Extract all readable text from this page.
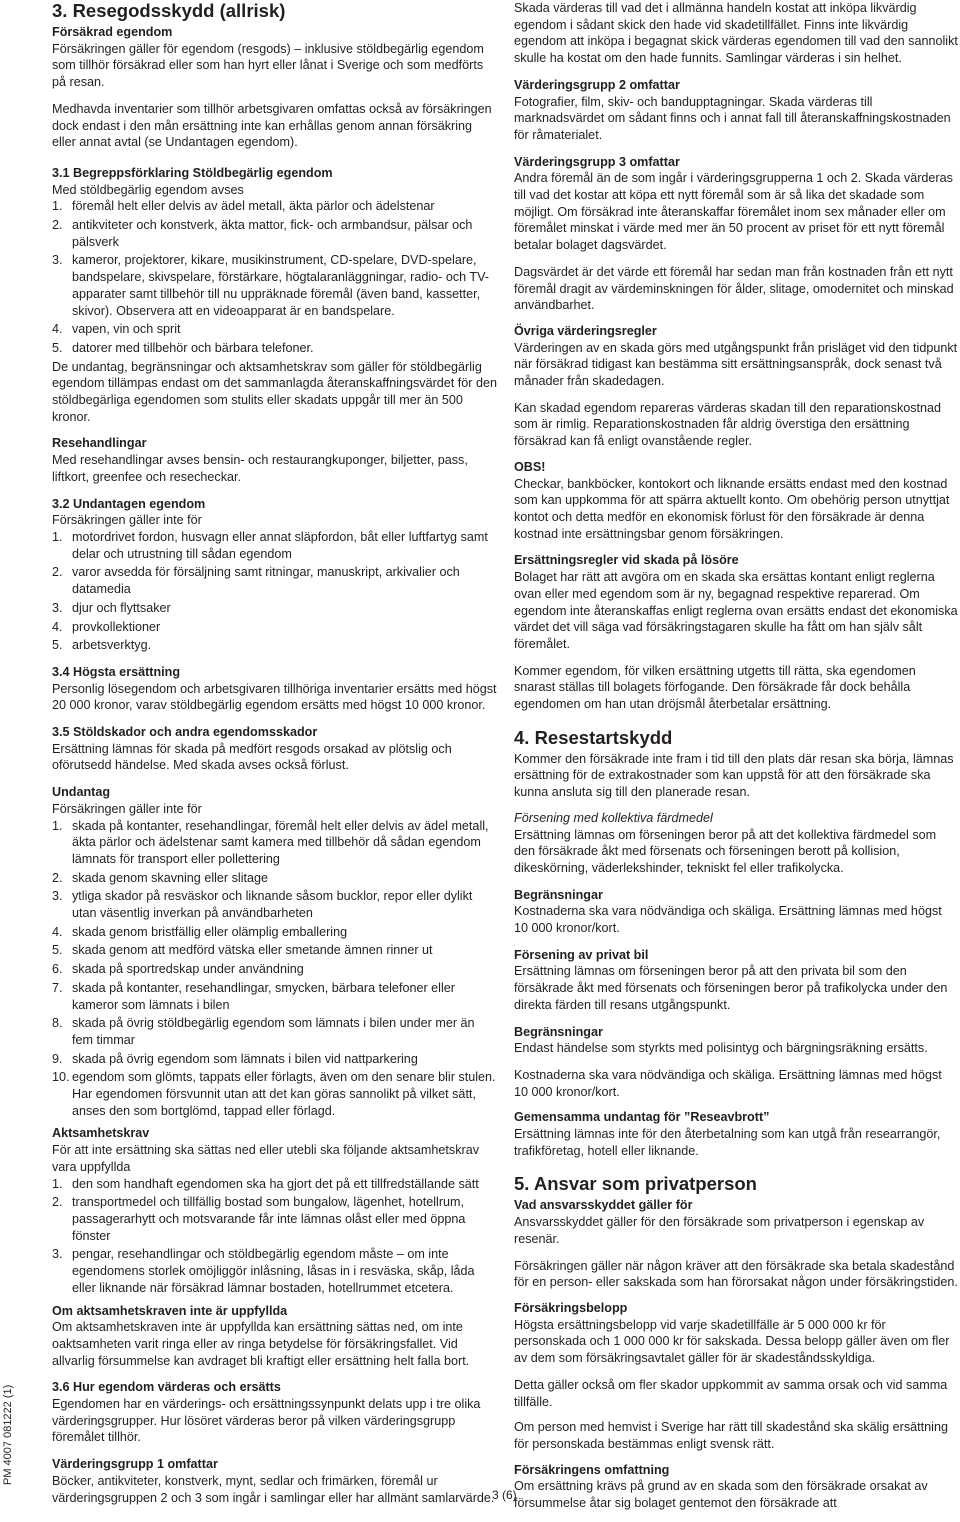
PM 4007 081222 (1)
3. Resegodsskydd (allrisk)
Försäkrad egendom
Försäkringen gäller för egendom (resgods) – inklusive stöldbegärlig egendom som tillhör försäkrad eller som han hyrt eller lånat i Sverige och som medförts på resan.

Medhavda inventarier som tillhör arbetsgivaren omfattas också av försäkringen dock endast i den mån ersättning inte kan erhållas genom annan försäkring eller annat avtal (se Undantagen egendom).

3.1 Begreppsförklaring Stöldbegärlig egendom
Med stöldbegärlig egendom avses
1. föremål helt eller delvis av ädel metall, äkta pärlor och ädelstenar
2. antikviteter och konstverk, äkta mattor, fick- och armbandsur, pälsar och pälsverk
3. kameror, projektorer, kikare, musikinstrument, CD-spelare, DVD-spelare, bandspelare, skivspelare, förstärkare, högtalaranläggningar, radio- och TV-apparater samt tillbehör till nu uppräknade föremål (även band, kassetter, skivor). Observera att en videoapparat är en bandspelare.
4. vapen, vin och sprit
5. datorer med tillbehör och bärbara telefoner.
De undantag, begränsningar och aktsamhetskrav som gäller för stöldbegärlig egendom tillämpas endast om det sammanlagda återanskaffningsvärdet för den stöldbegärliga egendomen som stulits eller skadats uppgår till mer än 500 kronor.
Resehandlingar
Med resehandlingar avses bensin- och restaurangkuponger, biljetter, pass, liftkort, greenfee och resecheckar.
3.2 Undantagen egendom
Försäkringen gäller inte för
1. motordrivet fordon, husvagn eller annat släpfordon, båt eller luftfartyg samt delar och utrustning till sådan egendom
2. varor avsedda för försäljning samt ritningar, manuskript, arkivalier och datamedia
3. djur och flyttsaker
4. provkollektioner
5. arbetsverktyg.
3.4 Högsta ersättning
Personlig lösegendom och arbetsgivaren tillhöriga inventarier ersätts med högst 20 000 kronor, varav stöldbegärlig egendom ersätts med högst 10 000 kronor.
3.5 Stöldskador och andra egendomsskador
Ersättning lämnas för skada på medfört resgods orsakad av plötslig och oförutsedd händelse. Med skada avses också förlust.
Undantag
Försäkringen gäller inte för
1. skada på kontanter, resehandlingar, föremål helt eller delvis av ädel metall, äkta pärlor och ädelstenar samt kamera med tillbehör då sådan egendom lämnats för transport eller pollettering
2. skada genom skavning eller slitage
3. ytliga skador på resväskor och liknande såsom bucklor, repor eller dylikt utan väsentlig inverkan på användbarheten
4. skada genom bristfällig eller olämplig emballering
5. skada genom att medförd vätska eller smetande ämnen rinner ut
6. skada på sportredskap under användning
7. skada på kontanter, resehandlingar, smycken, bärbara telefoner eller kameror som lämnats i bilen
8. skada på övrig stöldbegärlig egendom som lämnats i bilen under mer än fem timmar
9. skada på övrig egendom som lämnats i bilen vid nattparkering
10. egendom som glömts, tappats eller förlagts, även om den senare blir stulen. Har egendomen försvunnit utan att det kan göras sannolikt på vilket sätt, anses den som bortglömd, tappad eller förlagd.
Aktsamhetskrav
För att inte ersättning ska sättas ned eller utebli ska följande aktsamhetskrav vara uppfyllda
1. den som handhaft egendomen ska ha gjort det på ett tillfredställande sätt
2. transportmedel och tillfällig bostad som bungalow, lägenhet, hotellrum, passagerarhytt och motsvarande får inte lämnas olåst eller med öppna fönster
3. pengar, resehandlingar och stöldbegärlig egendom måste – om inte egendomens storlek omöjliggör inlåsning, låsas in i resväska, skåp, låda eller liknande när försäkrad lämnar bostaden, hotellrummet etcetera.
Om aktsamhetskraven inte är uppfyllda
Om aktsamhetskraven inte är uppfyllda kan ersättning sättas ned, om inte oaktsamheten varit ringa eller av ringa betydelse för försäkringsfallet. Vid allvarlig försummelse kan avdraget bli kraftigt eller ersättning helt falla bort.
3.6 Hur egendom värderas och ersätts
Egendomen har en värderings- och ersättningssynpunkt delats upp i tre olika värderingsgrupper. Hur lösöret värderas beror på vilken värderingsgrupp föremålet tillhör.
Värderingsgrupp 1 omfattar
Böcker, antikviteter, konstverk, mynt, sedlar och frimärken, föremål ur värderingsgruppen 2 och 3 som ingår i samlingar eller har allmänt samlarvärde.

Skada värderas till vad det i allmänna handeln kostat att inköpa likvärdig egendom i sådant skick den hade vid skadetillfället. Finns inte likvärdig egendom att inköpa i begagnat skick värderas egendomen till vad den sannolikt skulle ha kostat om den hade funnits. Samlingar värderas i sin helhet.

Värderingsgrupp 2 omfattar
Fotografier, film, skiv- och bandupptagningar. Skada värderas till marknadsvärdet om sådant finns och i annat fall till återanskaffningskostnaden för råmaterialet.
Värderingsgrupp 3 omfattar
Andra föremål än de som ingår i värderingsgrupperna 1 och 2. Skada värderas till vad det kostar att köpa ett nytt föremål som är så lika det skadade som möjligt. Om försäkrad inte återanskaffar föremålet inom sex månader eller om föremålet minskat i värde med mer än 50 procent av priset för ett nytt föremål betalar bolaget dagsvärdet.

Dagsvärdet är det värde ett föremål har sedan man från kostnaden från ett nytt föremål dragit av värdeminskningen för ålder, slitage, omodernitet och minskad användbarhet.

Övriga värderingsregler
Värderingen av en skada görs med utgångspunkt från prisläget vid den tidpunkt när försäkrad tidigast kan bestämma sitt ersättningsanspråk, dock senast två månader från skadedagen.

Kan skadad egendom repareras värderas skadan till den reparationskostnad som är rimlig. Reparationskostnaden får aldrig överstiga den ersättning försäkrad kan få enligt ovanstående regler.

OBS!
Checkar, bankböcker, kontokort och liknande ersätts endast med den kostnad som kan uppkomma för att spärra aktuellt konto. Om obehörig person utnyttjat kontot och detta medför en ekonomisk förlust för den försäkrade är denna kostnad inte ersättningsbar genom försäkringen.
Ersättningsregler vid skada på lösöre
Bolaget har rätt att avgöra om en skada ska ersättas kontant enligt reglerna ovan eller med egendom som är ny, begagnad respektive reparerad. Om egendom inte återanskaffas enligt reglerna ovan ersätts endast det ekonomiska värdet det vill säga vad försäkringstagaren skulle ha fått om han själv sålt föremålet.

Kommer egendom, för vilken ersättning utgetts till rätta, ska egendomen snarast ställas till bolagets förfogande. Den försäkrade får dock behålla egendomen om han utan dröjsmål återbetalar ersättning.

4. Resestartskydd

Kommer den försäkrade inte fram i tid till den plats där resan ska börja, lämnas ersättning för de extrakostnader som kan uppstå för att den försäkrade ska kunna ansluta sig till den planerade resan.

Försening med kollektiva färdmedel
Ersättning lämnas om förseningen beror på att det kollektiva färdmedel som den försäkrade åkt med försenats och förseningen berott på kollision, dikeskörning, väderlekshinder, tekniskt fel eller trafikolycka.
Begränsningar
Kostnaderna ska vara nödvändiga och skäliga. Ersättning lämnas med högst 10 000 kronor/kort.
Försening av privat bil
Ersättning lämnas om förseningen beror på att den privata bil som den försäkrade åkt med försenats och förseningen beror på trafikolycka under den direkta färden till resans utgångspunkt.
Begränsningar
Endast händelse som styrkts med polisintyg och bärgningsräkning ersätts.

Kostnaderna ska vara nödvändiga och skäliga. Ersättning lämnas med högst 10 000 kronor/kort.

Gemensamma undantag för ”Reseavbrott”
Ersättning lämnas inte för den återbetalning som kan utgå från researrangör, trafikföretag, hotell eller liknande.
5. Ansvar som privatperson
Vad ansvarsskyddet gäller för
Ansvarsskyddet gäller för den försäkrade som privatperson i egenskap av resenär.

Försäkringen gäller när någon kräver att den försäkrade ska betala skadestånd för en person- eller sakskada som han förorsakat någon under försäkringstiden.

Försäkringsbelopp
Högsta ersättningsbelopp vid varje skadetillfälle är 5 000 000 kr för personskada och 1 000 000 kr för sakskada. Dessa belopp gäller även om fler av dem som försäkringsavtalet gäller för är skadeståndsskyldiga.

Detta gäller också om fler skador uppkommit av samma orsak och vid samma tillfälle.

Om person med hemvist i Sverige har rätt till skadestånd ska skälig ersättning för personskada bestämmas enligt svensk rätt.

Försäkringens omfattning
Om ersättning krävs på grund av en skada som den försäkrade orsakat av försummelse åtar sig bolaget gentemot den försäkrade att
3 (6)
